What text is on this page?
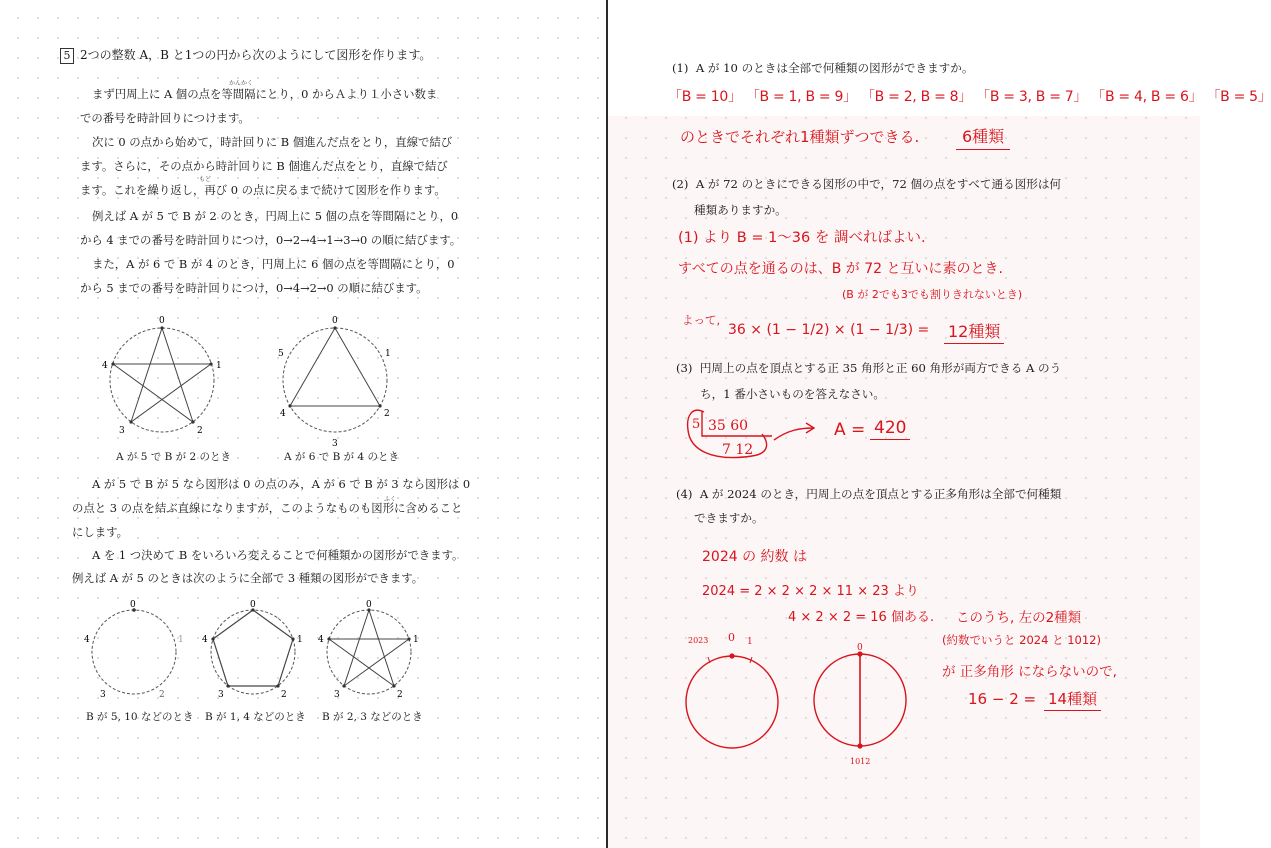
5 2つの整数 A，B と1つの円から次のようにして図形を作ります。
かんかく
まず円周上に A 個の点を等間隔にとり，0 からＡより１小さい数ま
での番号を時計回りにつけます。
次に 0 の点から始めて，時計回りに B 個進んだ点をとり，直線で結び
ます。さらに，その点から時計回りに B 個進んだ点をとり，直線で結び
もど
ます。これを繰り返し，再び 0 の点に戻るまで続けて図形を作ります。
例えば A が 5 で B が 2 のとき，円周上に 5 個の点を等間隔にとり，0
から 4 までの番号を時計回りにつけ，0→2→4→1→3→0 の順に結びます。
また，A が 6 で B が 4 のとき，円周上に 6 個の点を等間隔にとり，0
から 5 までの番号を時計回りにつけ，0→4→2→0 の順に結びます。
0
1
2
3
4
A が 5 で B が 2 のとき
0
1
2
3
4
5
A が 6 で B が 4 のとき
A が 5 で B が 5 なら図形は 0 の点のみ，A が 6 で B が 3 なら図形は 0
ふく
の点と 3 の点を結ぶ直線になりますが，このようなものも図形に含めること
にします。
A を 1 つ決めて B をいろいろ変えることで何種類かの図形ができます。
例えば A が 5 のときは次のように全部で 3 種類の図形ができます。
0
1
2
3
4
B が 5, 10 などのとき
0
1
2
3
4
B が 1, 4 などのとき
0
1
2
3
4
B が 2, 3 などのとき
(1) A が 10 のときは全部で何種類の図形ができますか。
「B = 10」 「B = 1, B = 9」 「B = 2, B = 8」 「B = 3, B = 7」 「B = 4, B = 6」 「B = 5」
のときでそれぞれ1種類ずつできる.	6種類
(2) A が 72 のときにできる図形の中で，72 個の点をすべて通る図形は何
種類ありますか。
(1) より B = 1〜36 を 調べればよい.
すべての点を通るのは、B が 72 と互いに素のとき.
(B が 2でも3でも割りきれないとき)
よって,
36 × (1 − 1/2) × (1 − 1/3) = 12種類
(3) 円周上の点を頂点とする正 35 角形と正 60 角形が両方できる A のう
ち，1 番小さいものを答えなさい。
5 35 60
7 12
A = 420
(4) A が 2024 のとき，円周上の点を頂点とする正多角形は全部で何種類
できますか。
2024 の 約数 は
2024 = 2 × 2 × 2 × 11 × 23 より
4 × 2 × 2 = 16 個ある. このうち, 左の2種類
(約数でいうと 2024 と 1012)
が 正多角形 にならないので,
16 − 2 = 14種類
2023 0 1
0
1012
